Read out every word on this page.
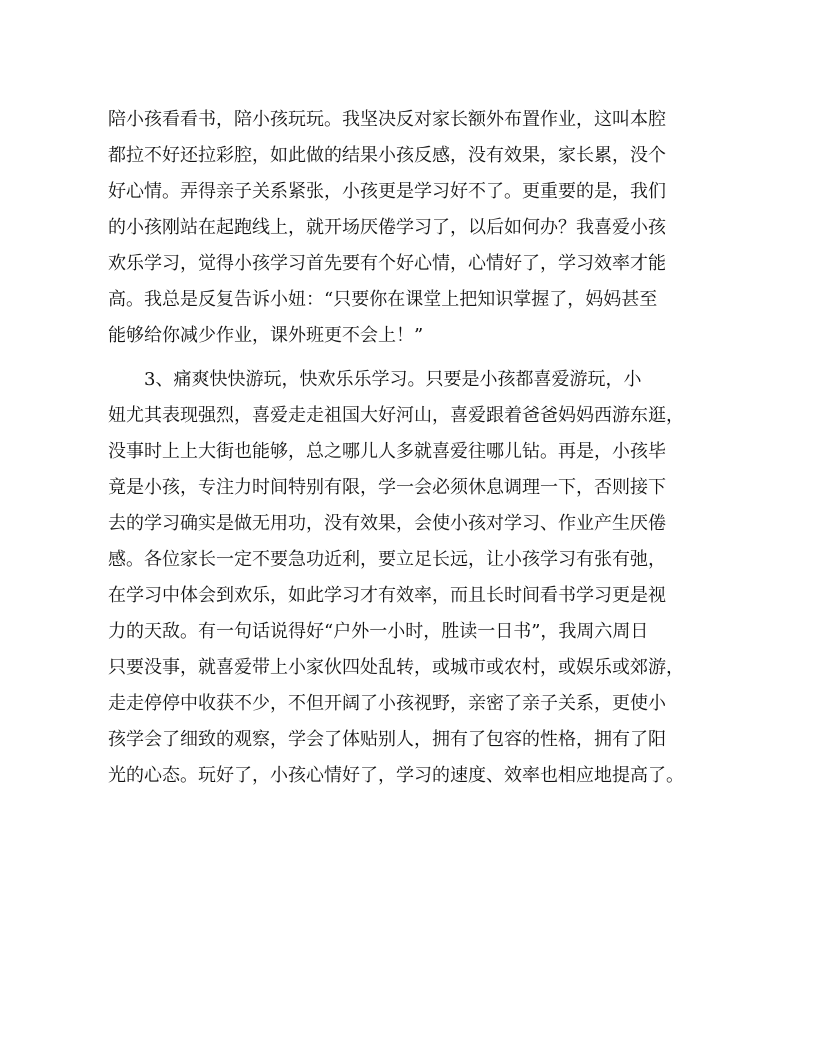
陪小孩看看书，陪小孩玩玩。我坚决反对家长额外布置作业，这叫本腔
都拉不好还拉彩腔，如此做的结果小孩反感，没有效果，家长累，没个
好心情。弄得亲子关系紧张，小孩更是学习好不了。更重要的是，我们
的小孩刚站在起跑线上，就开场厌倦学习了，以后如何办？我喜爱小孩
欢乐学习，觉得小孩学习首先要有个好心情，心情好了，学习效率才能
高。我总是反复告诉小妞：“只要你在课堂上把知识掌握了，妈妈甚至
能够给你减少作业，课外班更不会上！”
3、痛爽快快游玩，快欢乐乐学习。只要是小孩都喜爱游玩，小
妞尤其表现强烈，喜爱走走祖国大好河山，喜爱跟着爸爸妈妈西游东逛，
没事时上上大街也能够，总之哪儿人多就喜爱往哪儿钻。再是，小孩毕
竟是小孩，专注力时间特别有限，学一会必须休息调理一下，否则接下
去的学习确实是做无用功，没有效果，会使小孩对学习、作业产生厌倦
感。各位家长一定不要急功近利，要立足长远，让小孩学习有张有弛，
在学习中体会到欢乐，如此学习才有效率，而且长时间看书学习更是视
力的天敌。有一句话说得好“户外一小时，胜读一日书”，我周六周日
只要没事，就喜爱带上小家伙四处乱转，或城市或农村，或娱乐或郊游，
走走停停中收获不少，不但开阔了小孩视野，亲密了亲子关系，更使小
孩学会了细致的观察，学会了体贴别人，拥有了包容的性格，拥有了阳
光的心态。玩好了，小孩心情好了，学习的速度、效率也相应地提高了。
